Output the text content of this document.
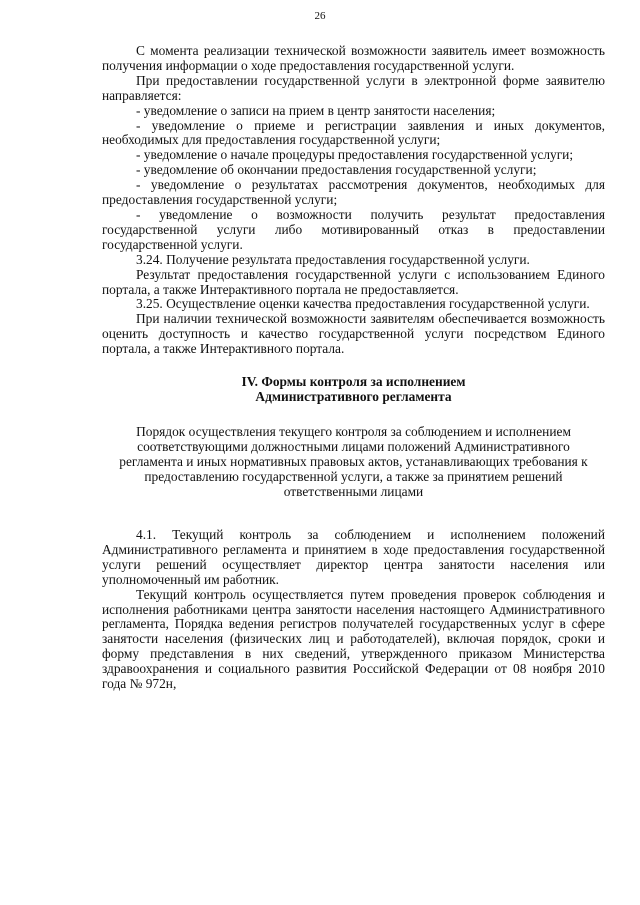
26

С момента реализации технической возможности заявитель имеет возможность получения информации о ходе предоставления государственной услуги.

При предоставлении государственной услуги в электронной форме заявителю направляется:

- уведомление о записи на прием в центр занятости населения;

- уведомление о приеме и регистрации заявления и иных документов, необходимых для предоставления государственной услуги;

- уведомление о начале процедуры предоставления государственной услуги;

- уведомление об окончании предоставления государственной услуги;

- уведомление о результатах рассмотрения документов, необходимых для предоставления государственной услуги;

- уведомление о возможности получить результат предоставления государственной услуги либо мотивированный отказ в предоставлении государственной услуги.

3.24. Получение результата предоставления государственной услуги.

Результат предоставления государственной услуги с использованием Единого портала, а также Интерактивного портала не предоставляется.

3.25. Осуществление оценки качества предоставления государственной услуги.

При наличии технической возможности заявителям обеспечивается возможность оценить доступность и качество государственной услуги посредством Единого портала, а также Интерактивного портала.

IV. Формы контроля за исполнением
Административного регламента
Порядок осуществления текущего контроля за соблюдением и исполнением соответствующими должностными лицами положений Административного регламента и иных нормативных правовых актов, устанавливающих требования к предоставлению государственной услуги, а также за принятием решений ответственными лицами

4.1. Текущий контроль за соблюдением и исполнением положений Административного регламента и принятием в ходе предоставления государственной услуги решений осуществляет директор центра занятости населения или уполномоченный им работник.

Текущий контроль осуществляется путем проведения проверок соблюдения и исполнения работниками центра занятости населения настоящего Административного регламента, Порядка ведения регистров получателей государственных услуг в сфере занятости населения (физических лиц и работодателей), включая порядок, сроки и форму представления в них сведений, утвержденного приказом Министерства здравоохранения и социального развития Российской Федерации от 08 ноября 2010 года № 972н,
